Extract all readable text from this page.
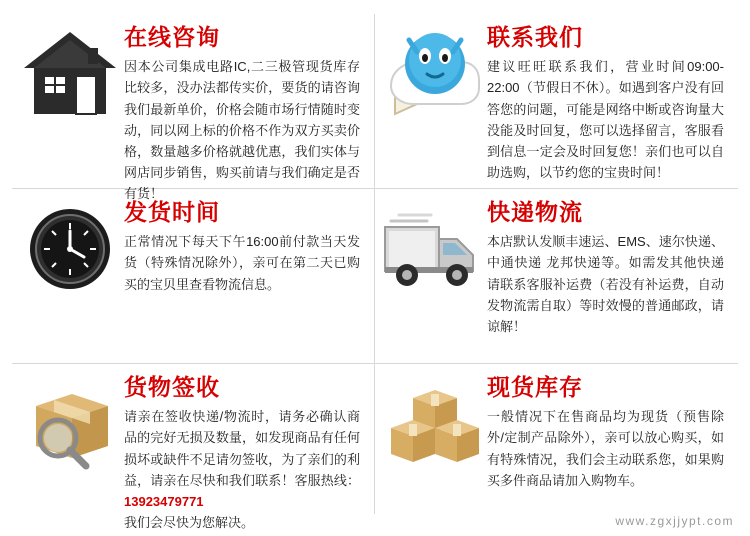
在线咨询
因本公司集成电路IC,二三极管现货库存比较多，没办法都传实价，要货的请咨询我们最新单价，价格会随市场行情随时变动，同以网上标的价格不作为双方买卖价格，数量越多价格就越优惠，我们实体与网店同步销售，购买前请与我们确定是否有货！
联系我们
建议旺旺联系我们，营业时间09:00-22:00（节假日不休）。如遇到客户没有回答您的问题，可能是网络中断或咨询量大没能及时回复，您可以选择留言，客服看到信息一定会及时回复您！亲们也可以自助选购，以节约您的宝贵时间！
发货时间
正常情况下每天下午16:00前付款当天发货（特殊情况除外），亲可在第二天已购买的宝贝里查看物流信息。
快递物流
本店默认发顺丰速运、EMS、速尔快递、中通快递 龙邦快递等。如需发其他快递请联系客服补运费（若没有补运费，自动发物流需自取）等时效慢的普通邮政，请谅解！
货物签收
请亲在签收快递/物流时，请务必确认商品的完好无损及数量，如发现商品有任何损坏或缺件不足请勿签收，为了亲们的利益，请亲在尽快和我们联系！客服热线：13923479771
我们会尽快为您解决。
现货库存
一般情况下在售商品均为现货（预售除外/定制产品除外），亲可以放心购买，如有特殊情况，我们会主动联系您，如果购买多件商品请加入购物车。
www.zgxjjypt.com
